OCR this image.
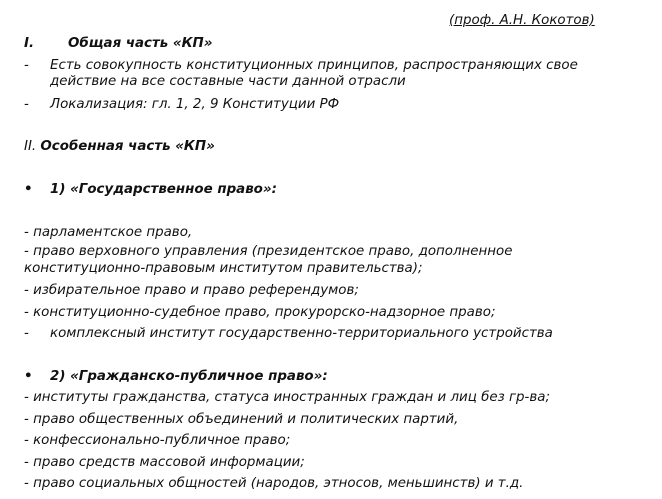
(проф. А.Н. Кокотов)
I.	Общая часть «КП»
- Есть совокупность конституционных принципов, распространяющих свое
действие на все составные части данной отрасли
- Локализация: гл. 1, 2, 9 Конституции РФ
II. Особенная часть «КП»
• 1) «Государственное право»:
- парламентское право,
- право верховного управления (президентское право, дополненное
конституционно-правовым институтом правительства);
- избирательное право и право референдумов;
- конституционно-судебное право, прокурорско-надзорное право;
- комплексный институт государственно-территориального устройства
• 2) «Гражданско-публичное право»:
- институты гражданства, статуса иностранных граждан и лиц без гр-ва;
- право общественных объединений и политических партий,
- конфессионально-публичное право;
- право средств массовой информации;
- право социальных общностей (народов, этносов, меньшинств) и т.д.
